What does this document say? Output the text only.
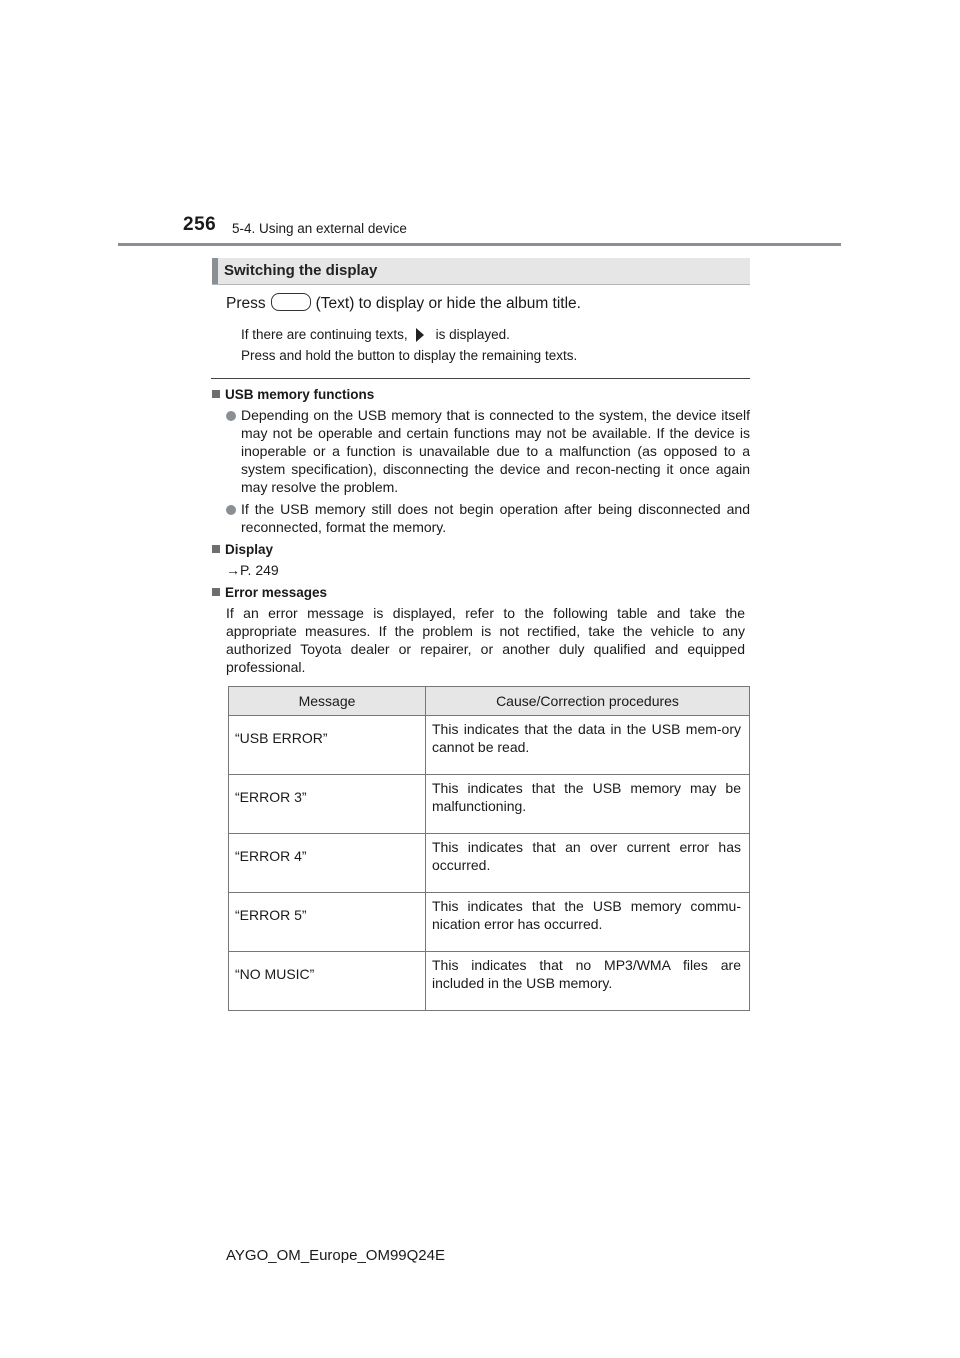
256 5-4. Using an external device
Switching the display
Press	(Text) to display or hide the album title.
If there are continuing texts, is displayed.
Press and hold the button to display the remaining texts.
USB memory functions
Depending on the USB memory that is connected to the system, the device itself may not be operable and certain functions may not be available. If the device is inoperable or a function is unavailable due to a malfunction (as opposed to a system specification), disconnecting the device and recon-necting it once again may resolve the problem.
If the USB memory still does not begin operation after being disconnected and reconnected, format the memory.
Display
→P. 249
Error messages
If an error message is displayed, refer to the following table and take the appropriate measures. If the problem is not rectified, take the vehicle to any authorized Toyota dealer or repairer, or another duly qualified and equipped professional.
Message	Cause/Correction procedures
“USB ERROR”	This indicates that the data in the USB mem-ory cannot be read.
“ERROR 3”	This indicates that the USB memory may be malfunctioning.
“ERROR 4”	This indicates that an over current error has occurred.
“ERROR 5”	This indicates that the USB memory commu-nication error has occurred.
“NO MUSIC”	This indicates that no MP3/WMA files are included in the USB memory.
AYGO_OM_Europe_OM99Q24E
